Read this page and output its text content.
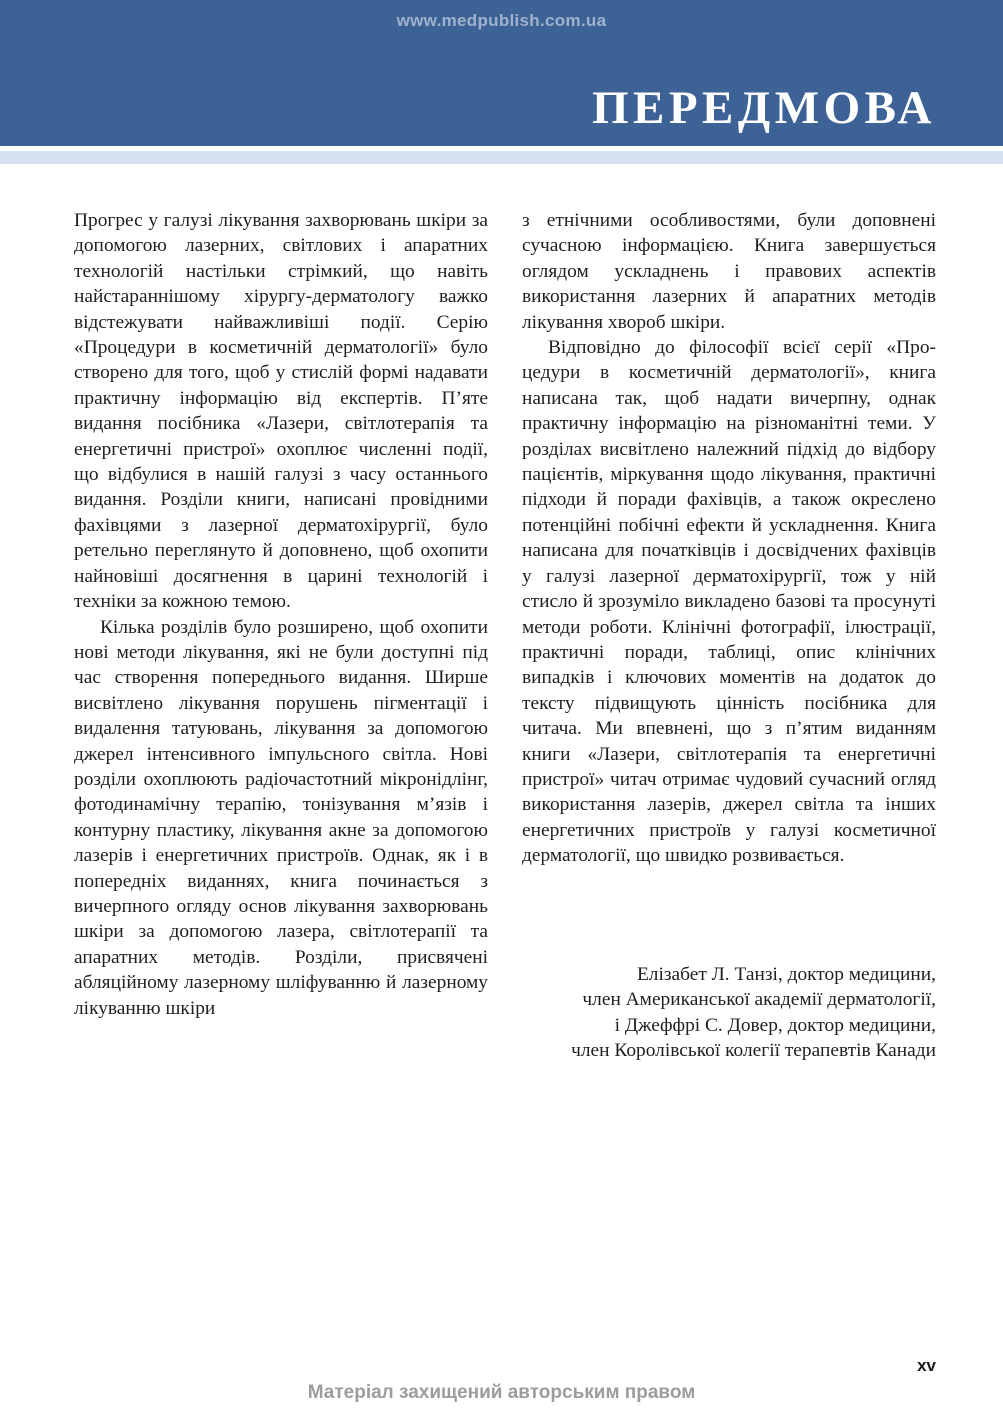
www.medpublish.com.ua
ПЕРЕДМОВА

Прогрес у галузі лікування захворювань шкіри за допомогою лазерних, світлових і апаратних технологій настільки стрімкий, що навіть найстараннішому хірургу-дерматологу важко відстежувати найважливіші події. Серію «Процедури в косметичній дерматології» було створено для того, щоб у стислій формі надавати практичну інформацію від експертів. П’яте видання посібника «Лазери, світлотерапія та енергетичні пристрої» охоплює численні події, що відбулися в нашій галузі з часу останнього видання. Розділи книги, написані провідними фахівцями з лазерної дерматохірургії, було ретельно переглянуто й доповнено, щоб охопити найновіші досягнення в царині технологій і техніки за кожною темою.

Кілька розділів було розширено, щоб охопити нові методи лікування, які не були доступні під час створення попереднього видання. Ширше висвітлено лікування порушень пігментації і видалення татуювань, лікування за допомогою джерел інтенсивного імпульсного світла. Нові розділи охоплюють радіочастотний мікронідлінг, фотодинамічну терапію, тонізування м’язів і контурну пластику, лікування акне за допомогою лазерів і енергетичних пристроїв. Однак, як і в попередніх виданнях, книга починається з вичерпного огляду основ лікування захворювань шкіри за допомогою лазера, світлотерапії та апаратних методів. Розділи, присвячені абляційному лазерному шліфуванню й лазерному лікуванню шкіри

з етнічними особливостями, були доповнені сучасною інформацією. Книга завершується оглядом ускладнень і правових аспектів використання лазерних й апаратних методів лікування хвороб шкіри.

Відповідно до філософії всієї серії «Процедури в косметичній дерматології», книга написана так, щоб надати вичерпну, однак практичну інформацію на різноманітні теми. У розділах висвітлено належний підхід до відбору пацієнтів, міркування щодо лікування, практичні підходи й поради фахівців, а також окреслено потенційні побічні ефекти й ускладнення. Книга написана для початківців і досвідчених фахівців у галузі лазерної дерматохірургії, тож у ній стисло й зрозуміло викладено базові та просунуті методи роботи. Клінічні фотографії, ілюстрації, практичні поради, таблиці, опис клінічних випадків і ключових моментів на додаток до тексту підвищують цінність посібника для читача. Ми впевнені, що з п’ятим виданням книги «Лазери, світлотерапія та енергетичні пристрої» читач отримає чудовий сучасний огляд використання лазерів, джерел світла та інших енергетичних пристроїв у галузі косметичної дерматології, що швидко розвивається.

Елізабет Л. Танзі, доктор медицини,
член Американської академії дерматології,
і Джеффрі С. Довер, доктор медицини,
член Королівської колегії терапевтів Канади
xv
Матеріал захищений авторським правом
